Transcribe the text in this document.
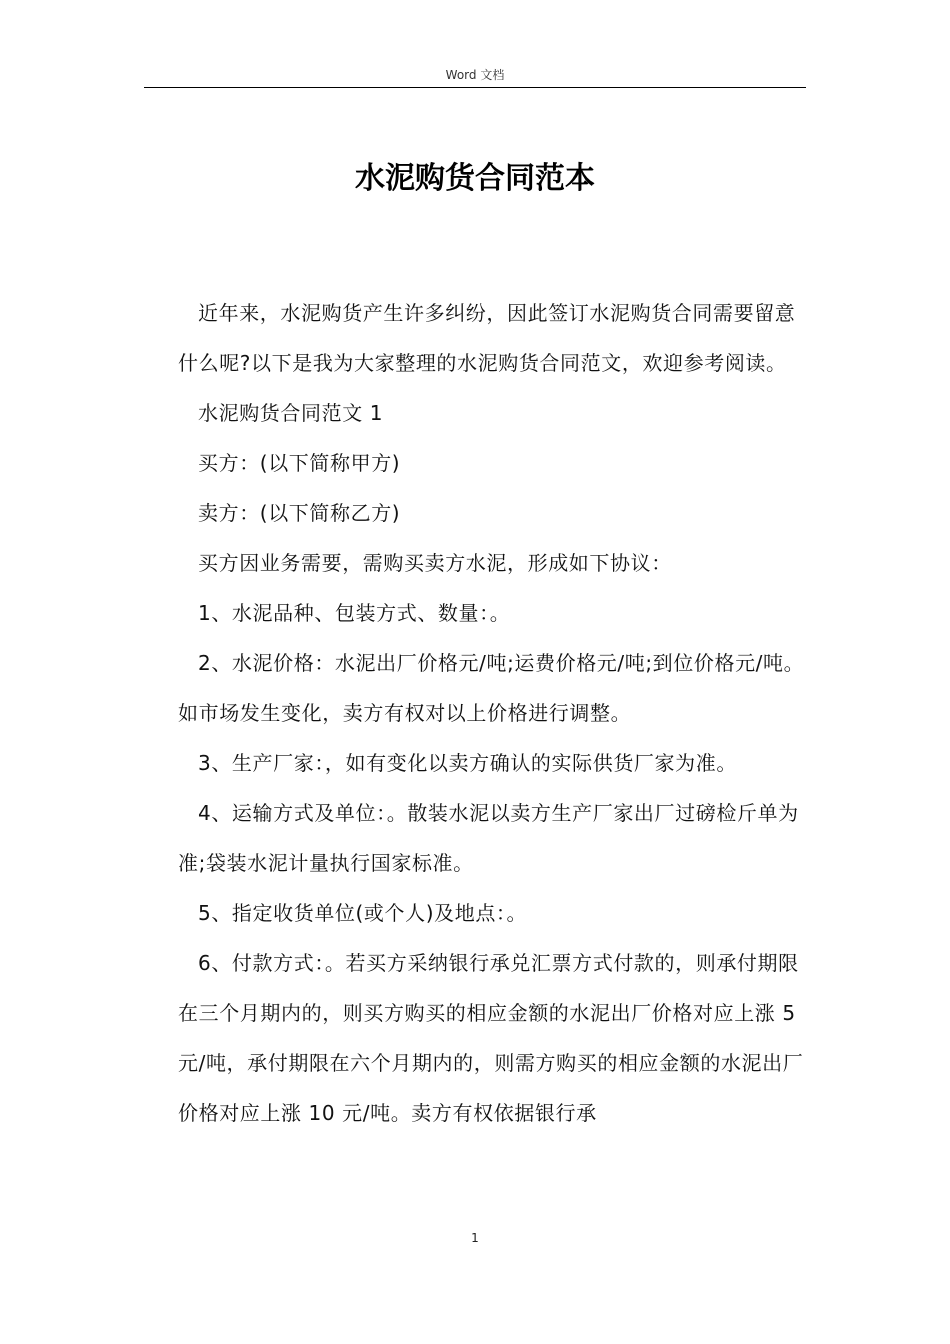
Word 文档
水泥购货合同范本

近年来，水泥购货产生许多纠纷，因此签订水泥购货合同需要留意什么呢?以下是我为大家整理的水泥购货合同范文，欢迎参考阅读。

水泥购货合同范文 1

买方：(以下简称甲方)

卖方：(以下简称乙方)

买方因业务需要，需购买卖方水泥，形成如下协议：

1、水泥品种、包装方式、数量：。

2、水泥价格：水泥出厂价格元/吨;运费价格元/吨;到位价格元/吨。如市场发生变化，卖方有权对以上价格进行调整。

3、生产厂家：，如有变化以卖方确认的实际供货厂家为准。

4、运输方式及单位：。散装水泥以卖方生产厂家出厂过磅检斤单为准;袋装水泥计量执行国家标准。

5、指定收货单位(或个人)及地点：。

6、付款方式：。若买方采纳银行承兑汇票方式付款的，则承付期限在三个月期内的，则买方购买的相应金额的水泥出厂价格对应上涨 5 元/吨，承付期限在六个月期内的，则需方购买的相应金额的水泥出厂价格对应上涨 10 元/吨。卖方有权依据银行承

1
